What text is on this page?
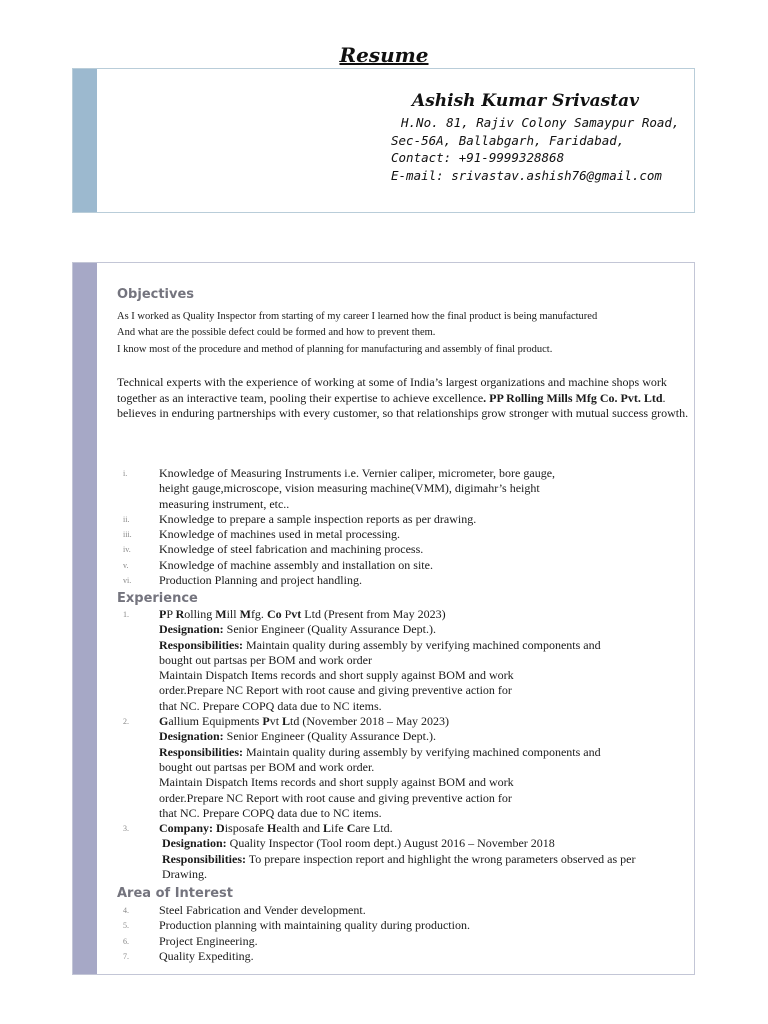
Resume
Ashish Kumar Srivastav
H.No. 81, Rajiv Colony Samaypur Road,
Sec-56A, Ballabgarh, Faridabad,
Contact: +91-9999328868
E-mail: srivastav.ashish76@gmail.com
Objectives
As I worked as Quality Inspector from starting of my career I learned how the final product is being manufactured
And what are the possible defect could be formed and how to prevent them.
I know most of the procedure and method of planning for manufacturing and assembly of final product.
Technical experts with the experience of working at some of India’s largest organizations and machine shops work together as an interactive team, pooling their expertise to achieve excellence. PP Rolling Mills Mfg Co. Pvt. Ltd. believes in enduring partnerships with every customer, so that relationships grow stronger with mutual success growth.
i.	Knowledge of Measuring Instruments i.e. Vernier caliper, micrometer, bore gauge,
height gauge,microscope, vision measuring machine(VMM), digimahr’s height
measuring instrument, etc..
ii.	Knowledge to prepare a sample inspection reports as per drawing.
iii.	Knowledge of machines used in metal processing.
iv.	Knowledge of steel fabrication and machining process.
v.	Knowledge of machine assembly and installation on site.
vi.	Production Planning and project handling.
Experience
1.	PP Rolling Mill Mfg. Co Pvt Ltd (Present from May 2023)
Designation: Senior Engineer (Quality Assurance Dept.).
Responsibilities: Maintain quality during assembly by verifying machined components and
bought out partsas per BOM and work order
Maintain Dispatch Items records and short supply against BOM and work
order.Prepare NC Report with root cause and giving preventive action for
that NC. Prepare COPQ data due to NC items.
2.	Gallium Equipments Pvt Ltd (November 2018 – May 2023)
Designation: Senior Engineer (Quality Assurance Dept.).
Responsibilities: Maintain quality during assembly by verifying machined components and
bought out partsas per BOM and work order.
Maintain Dispatch Items records and short supply against BOM and work
order.Prepare NC Report with root cause and giving preventive action for
that NC. Prepare COPQ data due to NC items.
3.	Company: Disposafe Health and Life Care Ltd.
Designation: Quality Inspector (Tool room dept.) August 2016 – November 2018
Responsibilities: To prepare inspection report and highlight the wrong parameters observed as per
Drawing.
Area of Interest
4.	Steel Fabrication and Vender development.
5.	Production planning with maintaining quality during production.
6.	Project Engineering.
7.	Quality Expediting.
